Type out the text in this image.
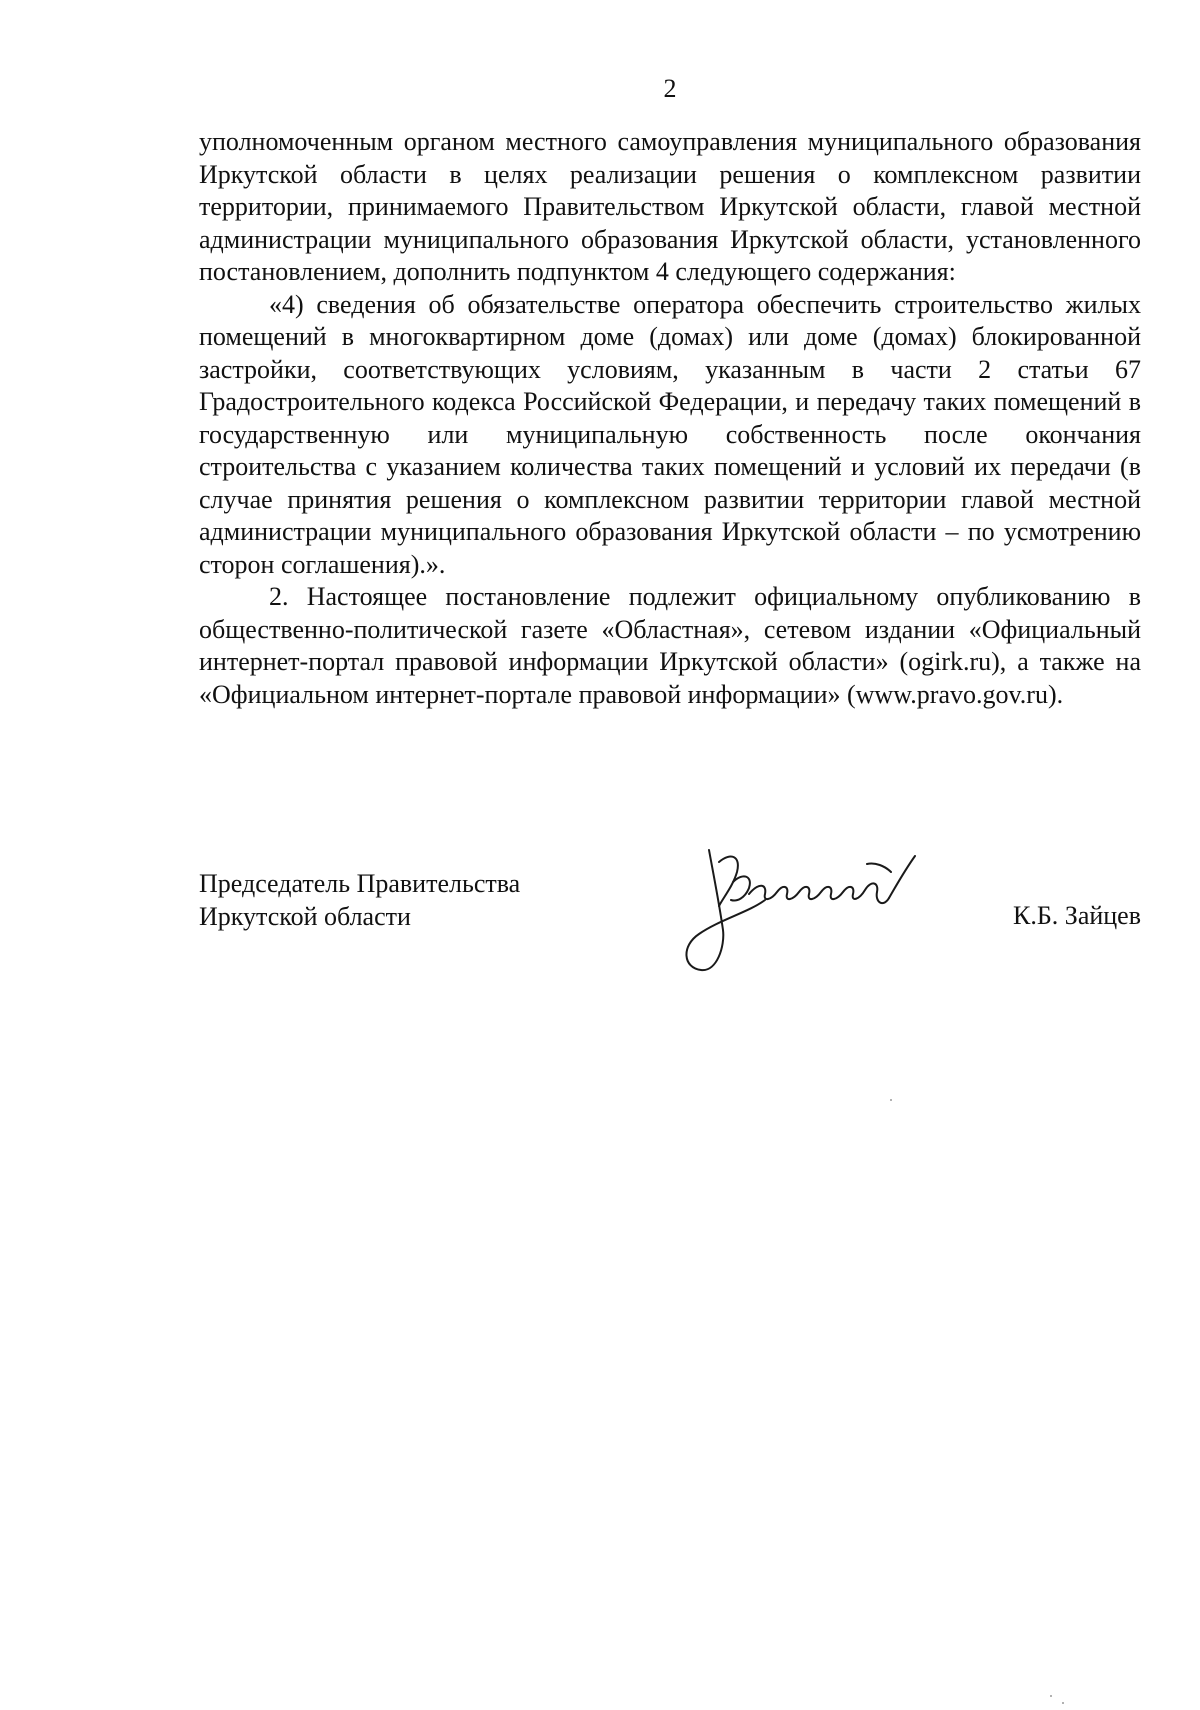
2

уполномоченным органом местного самоуправления муниципального образования Иркутской области в целях реализации решения о комплексном развитии территории, принимаемого Правительством Иркутской области, главой местной администрации муниципального образования Иркутской области, установленного постановлением, дополнить подпунктом 4 следующего содержания:

«4) сведения об обязательстве оператора обеспечить строительство жилых помещений в многоквартирном доме (домах) или доме (домах) блокированной застройки, соответствующих условиям, указанным в части 2 статьи 67 Градостроительного кодекса Российской Федерации, и передачу таких помещений в государственную или муниципальную собственность после окончания строительства с указанием количества таких помещений и условий их передачи (в случае принятия решения о комплексном развитии территории главой местной администрации муниципального образования Иркутской области – по усмотрению сторон соглашения).».

2. Настоящее постановление подлежит официальному опубликованию в общественно-политической газете «Областная», сетевом издании «Официальный интернет-портал правовой информации Иркутской области» (ogirk.ru), а также на «Официальном интернет-портале правовой информации» (www.pravo.gov.ru).

Председатель Правительства
Иркутской области	К.Б. Зайцев
